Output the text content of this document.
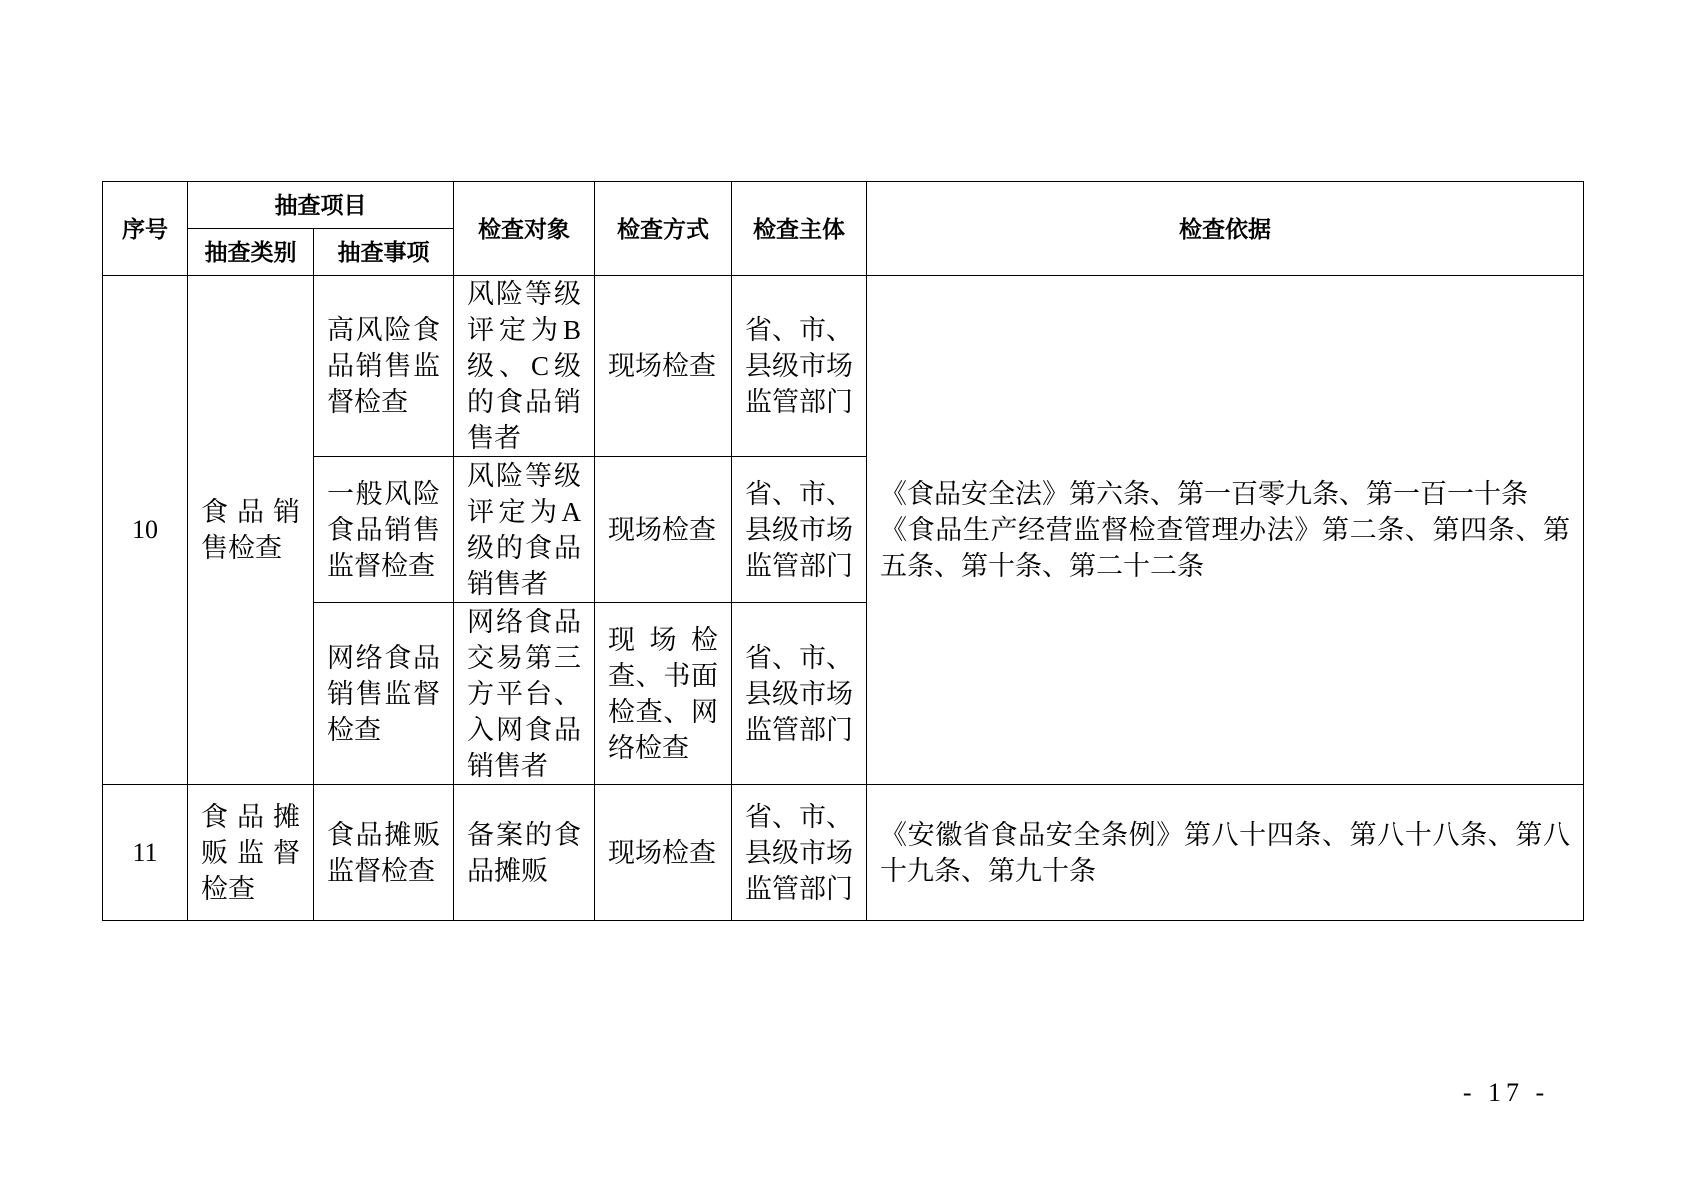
序号	抽查项目		检查对象	检查方式	检查主体	检查依据
	抽查类别	抽查事项				
10	食品销
售检查	高风险食
品销售监
督检查	风险等级
评定为B
级、C级
的食品销
售者	现场检查	省、市、
县级市场
监管部门	《食品安全法》第六条、第一百零九条、第一百一十条
《食品生产经营监督检查管理办法》第二条、第四条、第
五条、第十条、第二十二条

		一般风险
食品销售
监督检查	风险等级
评定为A
级的食品
销售者	现场检查	省、市、
县级市场
监管部门	

		网络食品
销售监督
检查	网络食品
交易第三
方平台、
入网食品
销售者	现场检
查、书面
检查、网
络检查	省、市、
县级市场
监管部门	

11	食品摊
贩监督
检查	食品摊贩
监督检查	备案的食
品摊贩	现场检查	省、市、
县级市场
监管部门	《安徽省食品安全条例》第八十四条、第八十八条、第八
十九条、第九十条
- 17 -
